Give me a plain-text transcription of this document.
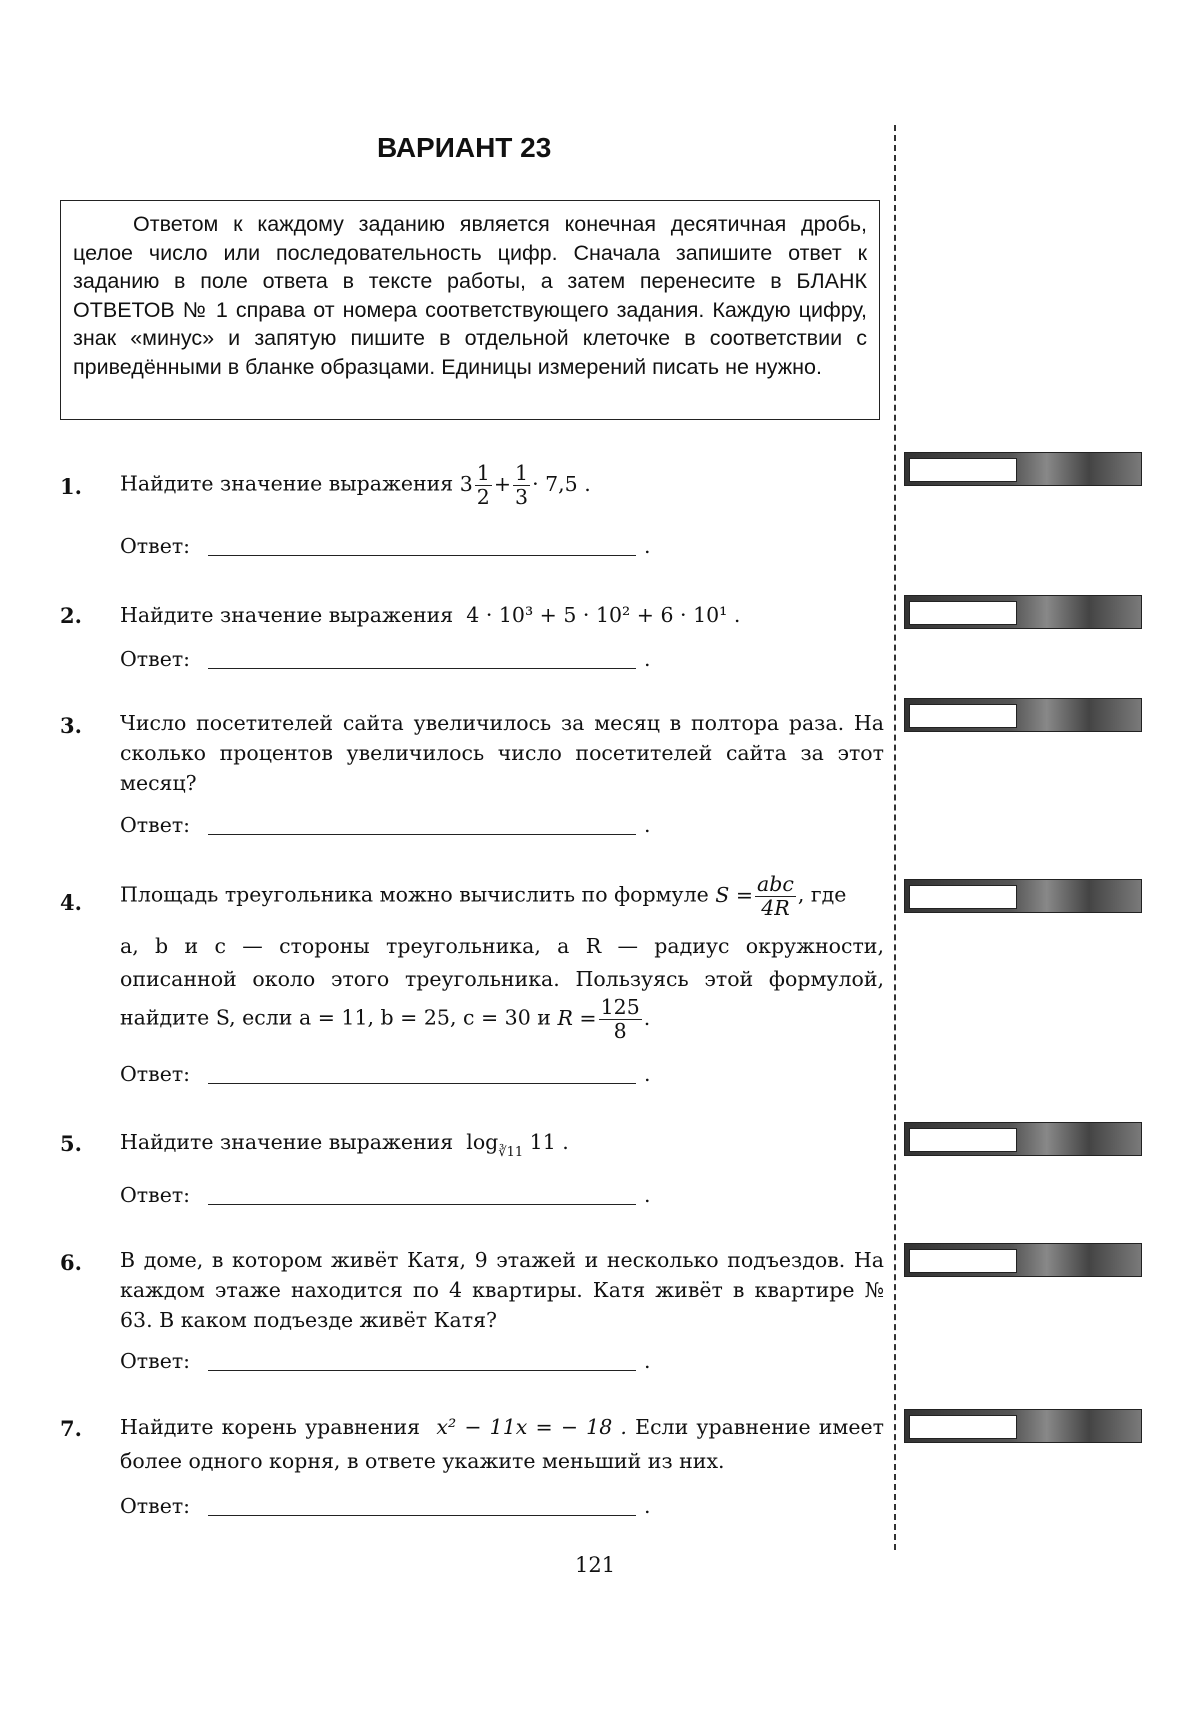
ВАРИАНТ 23
Ответом к каждому заданию является конечная десятичная дробь, целое число или последовательность цифр. Сначала запишите ответ к заданию в поле ответа в тексте работы, а затем перенесите в БЛАНК ОТВЕТОВ № 1 справа от номера соответствующего задания. Каждую цифру, знак «минус» и запятую пишите в отдельной клеточке в соответствии с приведёнными в бланке образцами. Единицы измерений писать не нужно.
1. Найдите значение выражения $3 \frac{1}{2} + \frac{1}{3} \cdot 7,5$ .
Ответ:	.
2. Найдите значение выражения 4 · 10³ + 5 · 10² + 6 · 10¹ .
Ответ:	.
3. Число посетителей сайта увеличилось за месяц в полтора раза. На сколько процентов увеличилось число посетителей сайта за этот месяц?
Ответ:	.
4. Площадь треугольника можно вычислить по формуле $S = \frac{\text{abc}}{4R}$ , где
a, b и c — стороны треугольника, а R — радиус окружности, описанной около этого треугольника. Пользуясь этой формулой, найдите S, если a = 11, b = 25, c = 30 и $R = \frac{125}{8}$ .
Ответ:	.
5. Найдите значение выражения $\log_{∛11} 11$ .
Ответ:	.
6. В доме, в котором живёт Катя, 9 этажей и несколько подъездов. На каждом этаже находится по 4 квартиры. Катя живёт в квартире № 63. В каком подъезде живёт Катя?
Ответ:	.
7. Найдите корень уравнения x² − 11x = − 18 . Если уравнение имеет более одного корня, в ответе укажите меньший из них.
Ответ:	.
121
